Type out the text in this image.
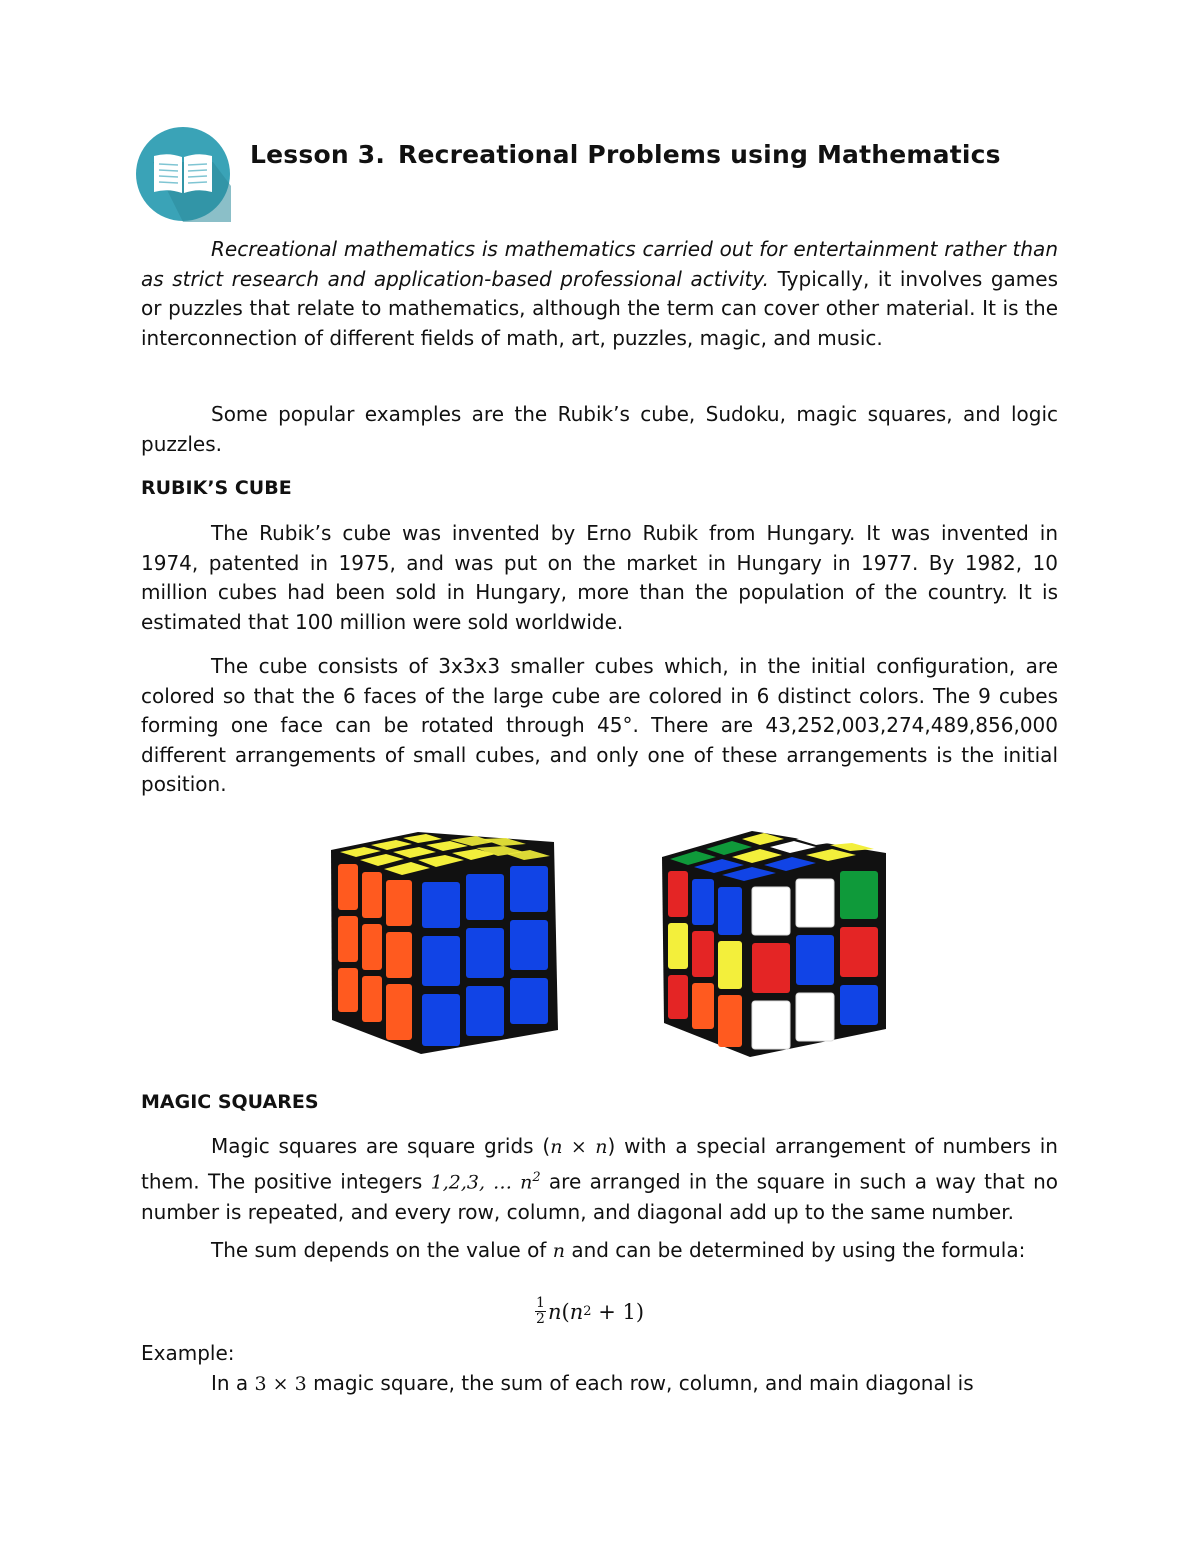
Lesson 3. Recreational Problems using Mathematics

Recreational mathematics is mathematics carried out for entertainment rather than as strict research and application-based professional activity. Typically, it involves games or puzzles that relate to mathematics, although the term can cover other material. It is the interconnection of different fields of math, art, puzzles, magic, and music.

Some popular examples are the Rubik’s cube, Sudoku, magic squares, and logic puzzles.

RUBIK’S CUBE

The Rubik’s cube was invented by Erno Rubik from Hungary. It was invented in 1974, patented in 1975, and was put on the market in Hungary in 1977. By 1982, 10 million cubes had been sold in Hungary, more than the population of the country. It is estimated that 100 million were sold worldwide.

The cube consists of 3x3x3 smaller cubes which, in the initial configuration, are colored so that the 6 faces of the large cube are colored in 6 distinct colors. The 9 cubes forming one face can be rotated through 45°. There are 43,252,003,274,489,856,000 different arrangements of small cubes, and only one of these arrangements is the initial position.

MAGIC SQUARES

Magic squares are square grids (n × n) with a special arrangement of numbers in them. The positive integers 1,2,3, … $n^2$ are arranged in the square in such a way that no number is repeated, and every row, column, and diagonal add up to the same number.

The sum depends on the value of n and can be determined by using the formula:

$\frac{1}{2}$ n ( n 2 + 1)

Example:

In a 3 × 3 magic square, the sum of each row, column, and main diagonal is
